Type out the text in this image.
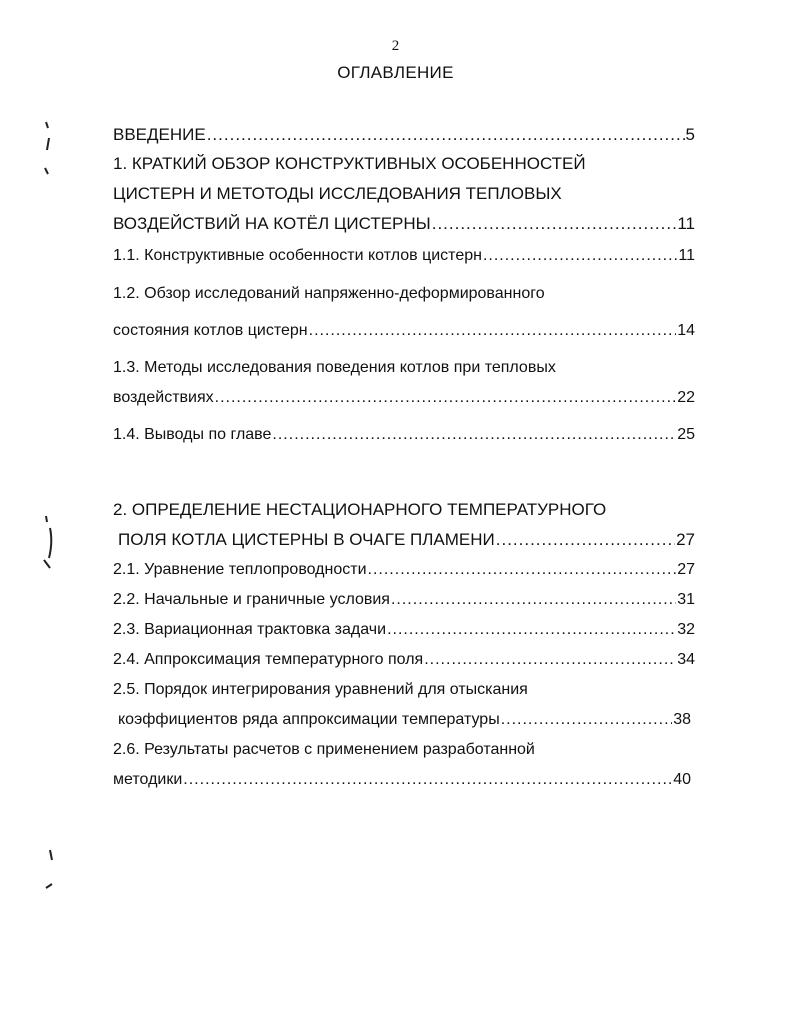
2
ОГЛАВЛЕНИЕ
ВВЕДЕНИЕ .....	5
1. КРАТКИЙ ОБЗОР КОНСТРУКТИВНЫХ ОСОБЕННОСТЕЙ
ЦИСТЕРН И МЕТОТОДЫ ИССЛЕДОВАНИЯ ТЕПЛОВЫХ
ВОЗДЕЙСТВИЙ НА КОТЁЛ ЦИСТЕРНЫ .....	11
1.1. Конструктивные особенности котлов цистерн .....	11
1.2. Обзор исследований напряженно-деформированного
состояния котлов цистерн .....	14
1.3. Методы исследования поведения котлов при тепловых
воздействиях .....	22
1.4. Выводы по главе .....	25
2. ОПРЕДЕЛЕНИЕ НЕСТАЦИОНАРНОГО ТЕМПЕРАТУРНОГО
ПОЛЯ КОТЛА ЦИСТЕРНЫ В ОЧАГЕ ПЛАМЕНИ .....	27
2.1. Уравнение теплопроводности .....	27
2.2. Начальные и граничные условия .....	31
2.3. Вариационная трактовка задачи .....	32
2.4. Аппроксимация температурного поля .....	34
2.5. Порядок интегрирования уравнений для отыскания
коэффициентов ряда аппроксимации температуры .....	38
2.6. Результаты расчетов с применением разработанной
методики .....	40
